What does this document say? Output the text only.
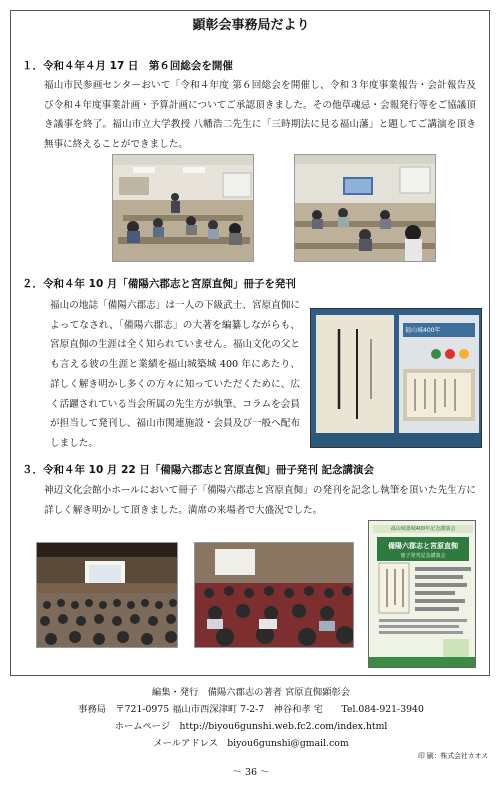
顕彰会事務局だより
１．令和４年４月 17 日　第６回総会を開催
福山市民参画センターおいて「令和４年度 第６回総会を開催し、令和３年度事業報告・会計報告及び令和４年度事業計画・予算計画についてご承認頂きました。その他草魂忌・会報発行等をご協議頂き議事を終了。福山市立大学教授 八幡浩二先生に「三時期法に見る福山藩」と題してご講演を頂き無事に終えることができました。
２．令和４年 10 月「備陽六郡志と宮原直倁」冊子を発刊
福山の地誌「備陽六郡志」は一人の下級武士、宮原直倁によってなされ、「備陽六郡志」の大著を編纂しながらも、宮原直倁の生涯は全く知られていません。福山文化の父とも言える彼の生涯と業績を福山城築城 400 年にあたり、詳しく解き明かし多くの方々に知っていただくために、広く活躍されている当会所属の先生方が執筆、コラムを会員が担当して発刊し、福山市関連施設・会員及び一般へ配布しました。
福山城400年
３．令和４年 10 月 22 日「備陽六郡志と宮原直倁」冊子発刊 記念講演会
神辺文化会館小ホールにおいて冊子「備陽六郡志と宮原直倁」の発刊を記念し執筆を頂いた先生方に詳しく解き明かして頂きました。満席の来場者で大盛況でした。
福山城築城400年記念講演会
備陽六郡志と宮原直倁
冊子発刊記念講演会
編集・発行　備陽六郡志の著者 宮原直倁顕彰会
事務局　〒721-0975 福山市西深津町 7-2-7　神谷和孝 宅　　Tel.084-921-3940
ホームページ　http://biyou6gunshi.web.fc2.com/index.html
メールアドレス　biyou6gunshi@gmail.com
印 刷：株式会社カオス
～ 36 ～
